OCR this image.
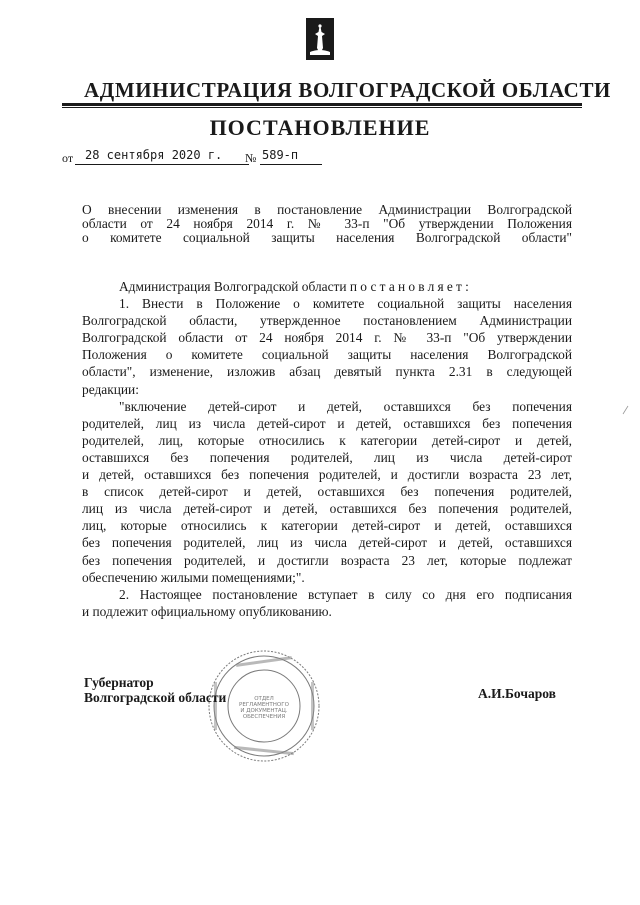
АДМИНИСТРАЦИЯ ВОЛГОГРАДСКОЙ ОБЛАСТИ
ПОСТАНОВЛЕНИЕ
от 28 сентября 2020 г.	№ 589-п
О внесении изменения в постановление Администрации Волгоградской
области от 24 ноября 2014 г. № 33-п "Об утверждении Положения
о комитете социальной защиты населения Волгоградской области"
Администрация Волгоградской области постановляет:
1. Внести в Положение о комитете социальной защиты населения
Волгоградской области, утвержденное постановлением Администрации
Волгоградской области от 24 ноября 2014 г. № 33-п "Об утверждении
Положения о комитете социальной защиты населения Волгоградской
области", изменение, изложив абзац девятый пункта 2.31 в следующей
редакции:
"включение детей-сирот и детей, оставшихся без попечения
родителей, лиц из числа детей-сирот и детей, оставшихся без попечения
родителей, лиц, которые относились к категории детей-сирот и детей,
оставшихся без попечения родителей, лиц из числа детей-сирот
и детей, оставшихся без попечения родителей, и достигли возраста 23 лет,
в список детей-сирот и детей, оставшихся без попечения родителей,
лиц из числа детей-сирот и детей, оставшихся без попечения родителей,
лиц, которые относились к категории детей-сирот и детей, оставшихся
без попечения родителей, лиц из числа детей-сирот и детей, оставшихся
без попечения родителей, и достигли возраста 23 лет, которые подлежат
обеспечению жилыми помещениями;".
2. Настоящее постановление вступает в силу со дня его подписания
и подлежит официальному опубликованию.
ОТДЕЛ
РЕГЛАМЕНТНОГО
И ДОКУМЕНТАЦ.
ОБЕСПЕЧЕНИЯ
Губернатор
Волгоградской области	А.И.Бочаров
